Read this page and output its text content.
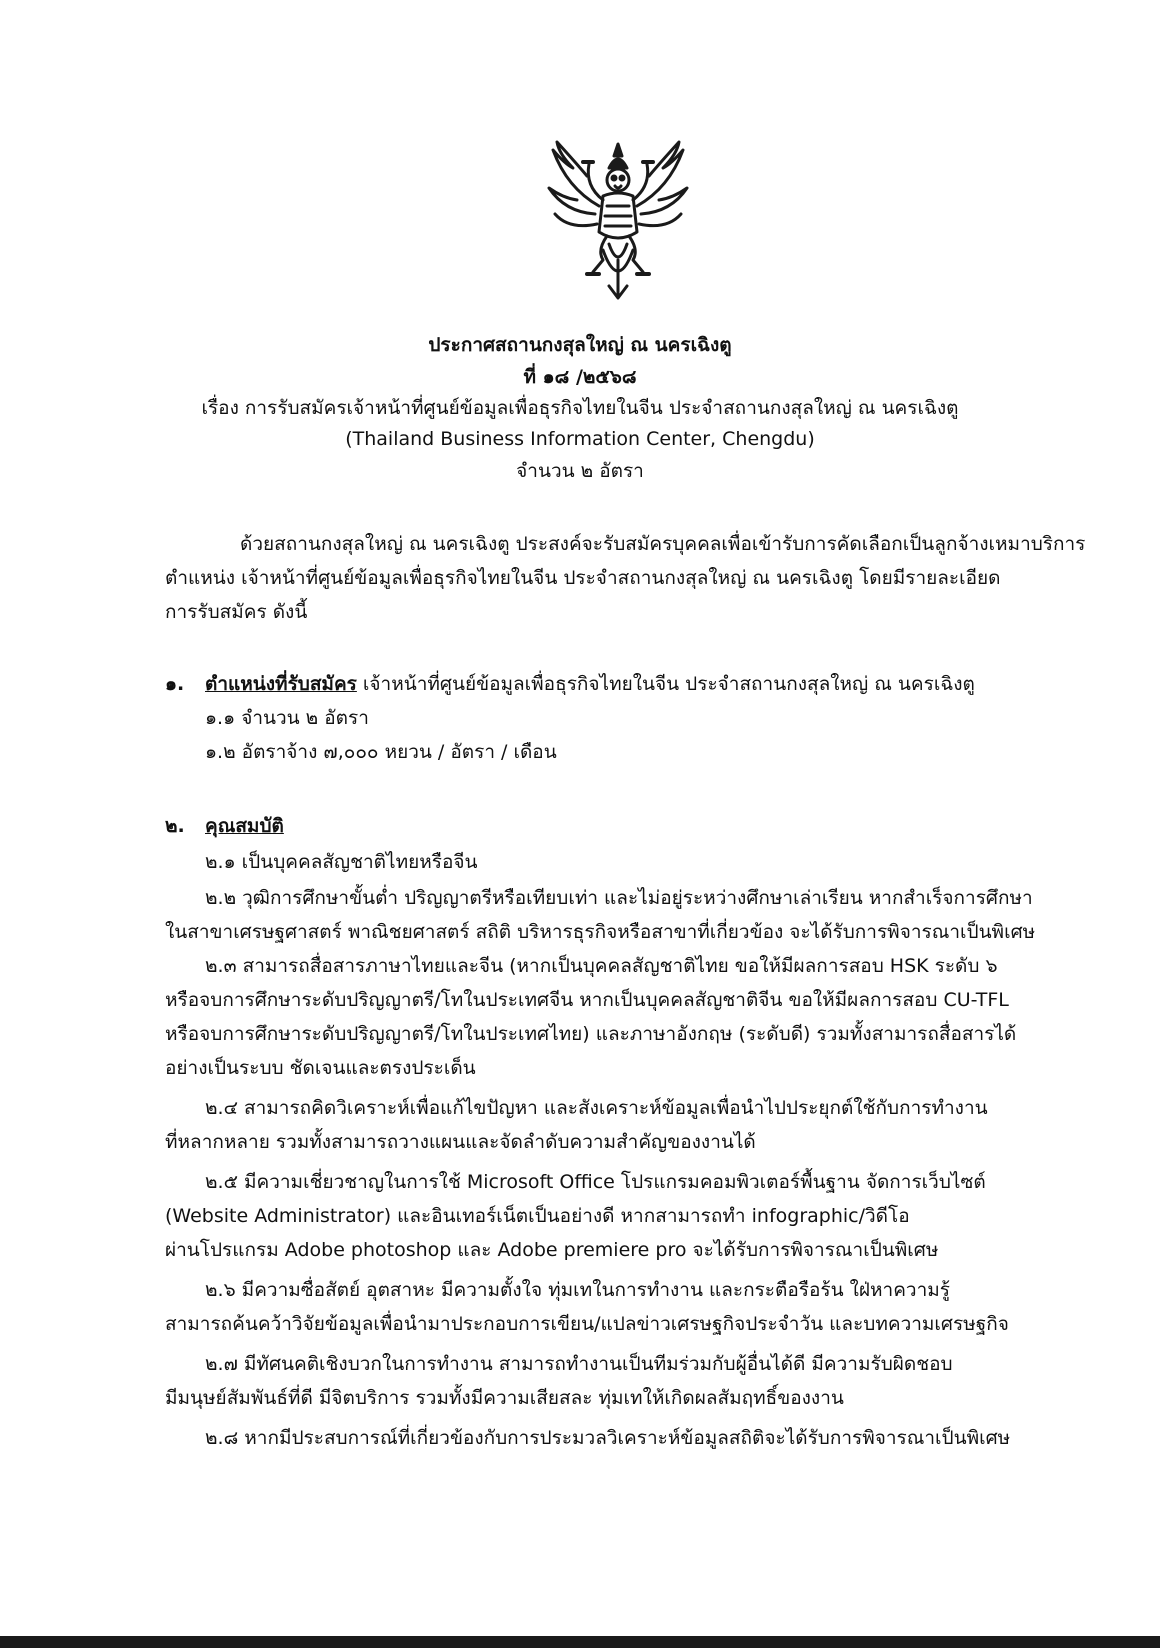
ประกาศสถานกงสุลใหญ่ ณ นครเฉิงตู
ที่ ๑๘ /๒๕๖๘
เรื่อง การรับสมัครเจ้าหน้าที่ศูนย์ข้อมูลเพื่อธุรกิจไทยในจีน ประจำสถานกงสุลใหญ่ ณ นครเฉิงตู
(Thailand Business Information Center, Chengdu)
จำนวน ๒ อัตรา
ด้วยสถานกงสุลใหญ่ ณ นครเฉิงตู ประสงค์จะรับสมัครบุคคลเพื่อเข้ารับการคัดเลือกเป็นลูกจ้างเหมาบริการ
ตำแหน่ง เจ้าหน้าที่ศูนย์ข้อมูลเพื่อธุรกิจไทยในจีน ประจำสถานกงสุลใหญ่ ณ นครเฉิงตู โดยมีรายละเอียด
การรับสมัคร ดังนี้
๑. ตำแหน่งที่รับสมัคร เจ้าหน้าที่ศูนย์ข้อมูลเพื่อธุรกิจไทยในจีน ประจำสถานกงสุลใหญ่ ณ นครเฉิงตู
๑.๑ จำนวน ๒ อัตรา
๑.๒ อัตราจ้าง ๗,๐๐๐ หยวน / อัตรา / เดือน
๒. คุณสมบัติ
๒.๑ เป็นบุคคลสัญชาติไทยหรือจีน
๒.๒ วุฒิการศึกษาขั้นต่ำ ปริญญาตรีหรือเทียบเท่า และไม่อยู่ระหว่างศึกษาเล่าเรียน หากสำเร็จการศึกษา
ในสาขาเศรษฐศาสตร์ พาณิชยศาสตร์ สถิติ บริหารธุรกิจหรือสาขาที่เกี่ยวข้อง จะได้รับการพิจารณาเป็นพิเศษ
๒.๓ สามารถสื่อสารภาษาไทยและจีน (หากเป็นบุคคลสัญชาติไทย ขอให้มีผลการสอบ HSK ระดับ ๖
หรือจบการศึกษาระดับปริญญาตรี/โทในประเทศจีน หากเป็นบุคคลสัญชาติจีน ขอให้มีผลการสอบ CU-TFL
หรือจบการศึกษาระดับปริญญาตรี/โทในประเทศไทย) และภาษาอังกฤษ (ระดับดี) รวมทั้งสามารถสื่อสารได้
อย่างเป็นระบบ ชัดเจนและตรงประเด็น
๒.๔ สามารถคิดวิเคราะห์เพื่อแก้ไขปัญหา และสังเคราะห์ข้อมูลเพื่อนำไปประยุกต์ใช้กับการทำงาน
ที่หลากหลาย รวมทั้งสามารถวางแผนและจัดลำดับความสำคัญของงานได้
๒.๕ มีความเชี่ยวชาญในการใช้ Microsoft Office โปรแกรมคอมพิวเตอร์พื้นฐาน จัดการเว็บไซต์
(Website Administrator) และอินเทอร์เน็ตเป็นอย่างดี หากสามารถทำ infographic/วิดีโอ
ผ่านโปรแกรม Adobe photoshop และ Adobe premiere pro จะได้รับการพิจารณาเป็นพิเศษ
๒.๖ มีความซื่อสัตย์ อุตสาหะ มีความตั้งใจ ทุ่มเทในการทำงาน และกระตือรือร้น ใฝ่หาความรู้
สามารถค้นคว้าวิจัยข้อมูลเพื่อนำมาประกอบการเขียน/แปลข่าวเศรษฐกิจประจำวัน และบทความเศรษฐกิจ
๒.๗ มีทัศนคติเชิงบวกในการทำงาน สามารถทำงานเป็นทีมร่วมกับผู้อื่นได้ดี มีความรับผิดชอบ
มีมนุษย์สัมพันธ์ที่ดี มีจิตบริการ รวมทั้งมีความเสียสละ ทุ่มเทให้เกิดผลสัมฤทธิ์ของงาน
๒.๘ หากมีประสบการณ์ที่เกี่ยวข้องกับการประมวลวิเคราะห์ข้อมูลสถิติจะได้รับการพิจารณาเป็นพิเศษ
